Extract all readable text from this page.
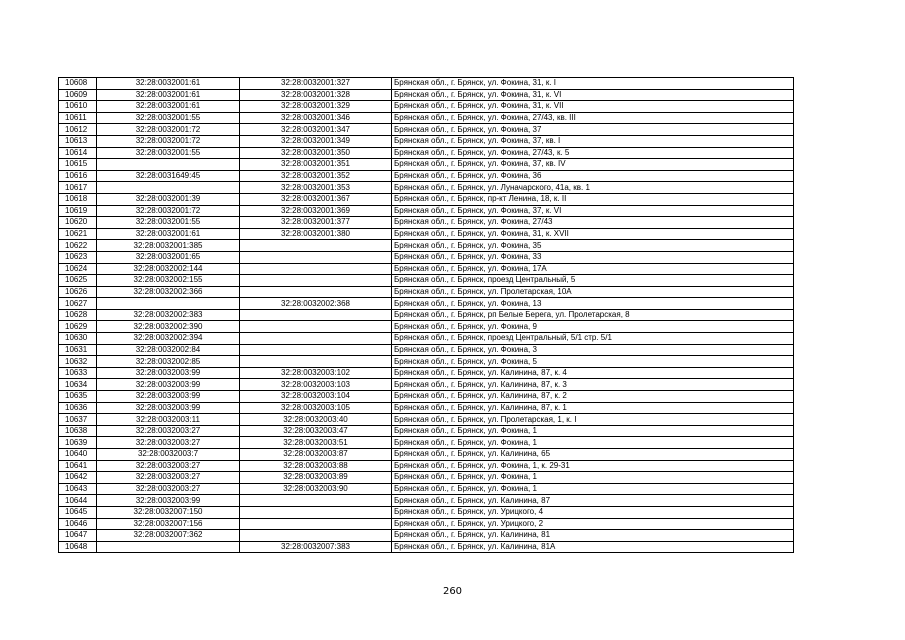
10608	32:28:0032001:61	32:28:0032001:327	Брянская обл., г. Брянск, ул. Фокина, 31, к. I
10609	32:28:0032001:61	32:28:0032001:328	Брянская обл., г. Брянск, ул. Фокина, 31, к. VI
10610	32:28:0032001:61	32:28:0032001:329	Брянская обл., г. Брянск, ул. Фокина, 31, к. VII
10611	32:28:0032001:55	32:28:0032001:346	Брянская обл., г. Брянск, ул. Фокина, 27/43, кв. III
10612	32:28:0032001:72	32:28:0032001:347	Брянская обл., г. Брянск, ул. Фокина, 37
10613	32:28:0032001:72	32:28:0032001:349	Брянская обл., г. Брянск, ул. Фокина, 37, кв. I
10614	32:28:0032001:55	32:28:0032001:350	Брянская обл., г. Брянск, ул. Фокина, 27/43, к. 5
10615		32:28:0032001:351	Брянская обл., г. Брянск, ул. Фокина, 37, кв. IV
10616	32:28:0031649:45	32:28:0032001:352	Брянская обл., г. Брянск, ул. Фокина, 36
10617		32:28:0032001:353	Брянская обл., г. Брянск, ул. Луначарского, 41а, кв. 1
10618	32:28:0032001:39	32:28:0032001:367	Брянская обл., г. Брянск, пр-кт Ленина, 18, к. II
10619	32:28:0032001:72	32:28:0032001:369	Брянская обл., г. Брянск, ул. Фокина, 37, к. VI
10620	32:28:0032001:55	32:28:0032001:377	Брянская обл., г. Брянск, ул. Фокина, 27/43
10621	32:28:0032001:61	32:28:0032001:380	Брянская обл., г. Брянск, ул. Фокина, 31, к. XVII
10622	32:28:0032001:385		Брянская обл., г. Брянск, ул. Фокина, 35
10623	32:28:0032001:65		Брянская обл., г. Брянск, ул. Фокина, 33
10624	32:28:0032002:144		Брянская обл., г. Брянск, ул. Фокина, 17А
10625	32:28:0032002:155		Брянская обл., г. Брянск, проезд Центральный, 5
10626	32:28:0032002:366		Брянская обл., г. Брянск, ул. Пролетарская, 10А
10627		32:28:0032002:368	Брянская обл., г. Брянск, ул. Фокина, 13
10628	32:28:0032002:383		Брянская обл., г. Брянск, рп Белые Берега, ул. Пролетарская, 8
10629	32:28:0032002:390		Брянская обл., г. Брянск, ул. Фокина, 9
10630	32:28:0032002:394		Брянская обл., г. Брянск, проезд Центральный, 5/1 стр. 5/1
10631	32:28:0032002:84		Брянская обл., г. Брянск, ул. Фокина, 3
10632	32:28:0032002:85		Брянская обл., г. Брянск, ул. Фокина, 5
10633	32:28:0032003:99	32:28:0032003:102	Брянская обл., г. Брянск, ул. Калинина, 87, к. 4
10634	32:28:0032003:99	32:28:0032003:103	Брянская обл., г. Брянск, ул. Калинина, 87, к. 3
10635	32:28:0032003:99	32:28:0032003:104	Брянская обл., г. Брянск, ул. Калинина, 87, к. 2
10636	32:28:0032003:99	32:28:0032003:105	Брянская обл., г. Брянск, ул. Калинина, 87, к. 1
10637	32:28:0032003:11	32:28:0032003:40	Брянская обл., г. Брянск, ул. Пролетарская, 1, к. I
10638	32:28:0032003:27	32:28:0032003:47	Брянская обл., г. Брянск, ул. Фокина, 1
10639	32:28:0032003:27	32:28:0032003:51	Брянская обл., г. Брянск, ул. Фокина, 1
10640	32:28:0032003:7	32:28:0032003:87	Брянская обл., г. Брянск, ул. Калинина, 65
10641	32:28:0032003:27	32:28:0032003:88	Брянская обл., г. Брянск, ул. Фокина, 1, к. 29-31
10642	32:28:0032003:27	32:28:0032003:89	Брянская обл., г. Брянск, ул. Фокина, 1
10643	32:28:0032003:27	32:28:0032003:90	Брянская обл., г. Брянск, ул. Фокина, 1
10644	32:28:0032003:99		Брянская обл., г. Брянск, ул. Калинина, 87
10645	32:28:0032007:150		Брянская обл., г. Брянск, ул. Урицкого, 4
10646	32:28:0032007:156		Брянская обл., г. Брянск, ул. Урицкого, 2
10647	32:28:0032007:362		Брянская обл., г. Брянск, ул. Калинина, 81
10648		32:28:0032007:383	Брянская обл., г. Брянск, ул. Калинина, 81А
260
